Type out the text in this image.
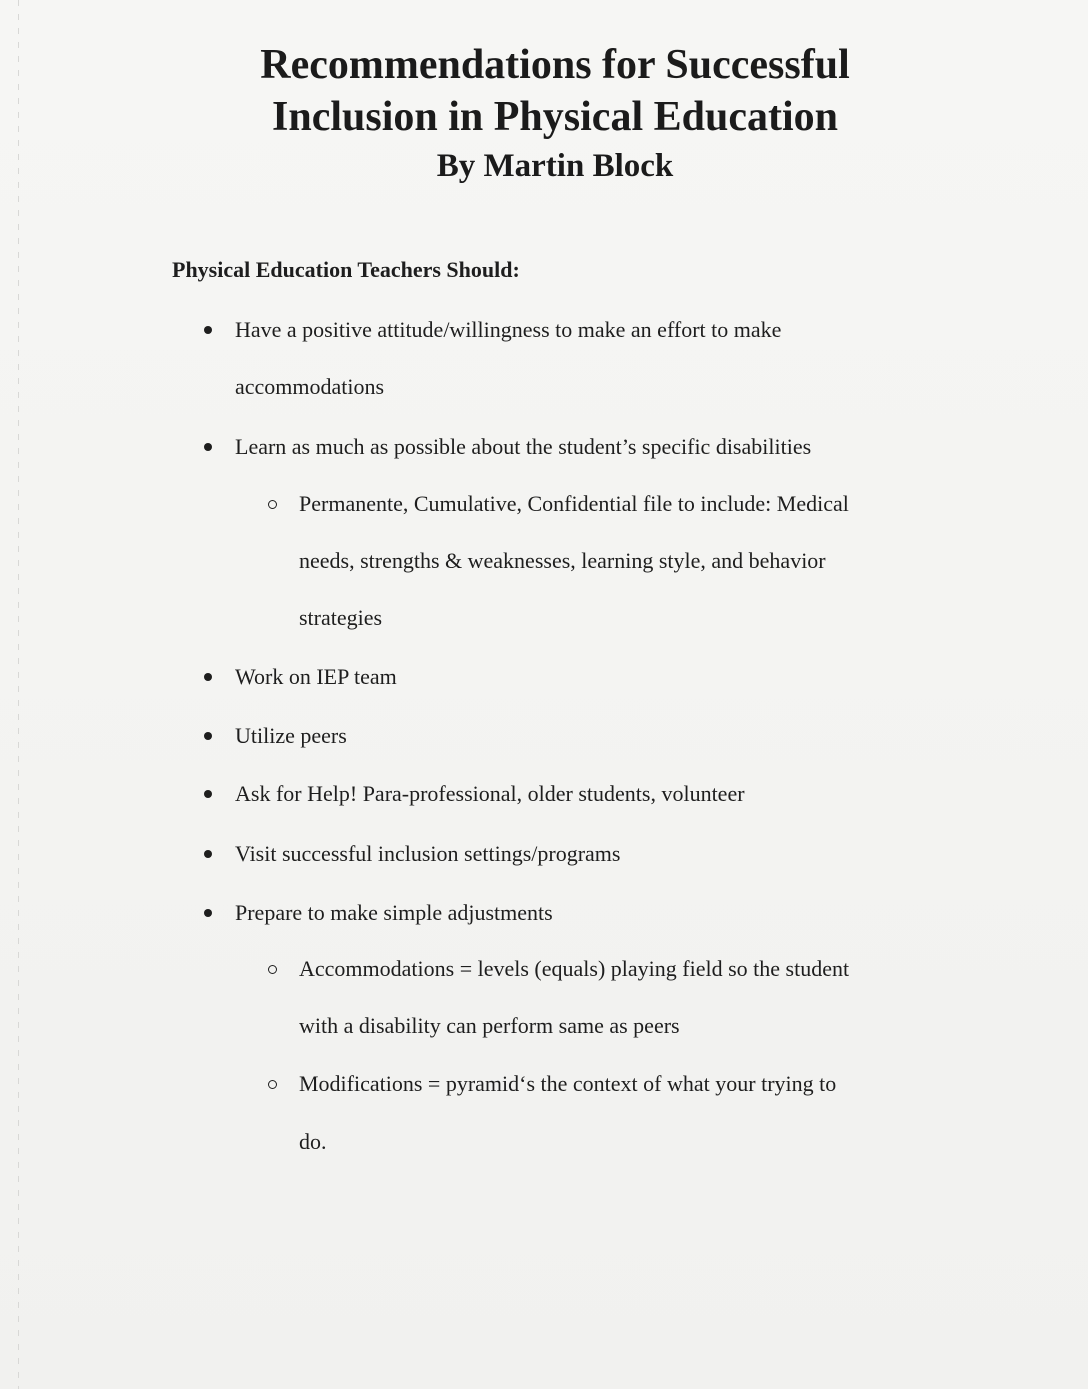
Recommendations for Successful
Inclusion in Physical Education
By Martin Block
Physical Education Teachers Should:
Have a positive attitude/willingness to make an effort to make
accommodations
Learn as much as possible about the student’s specific disabilities
Permanente, Cumulative, Confidential file to include: Medical
needs, strengths & weaknesses, learning style, and behavior
strategies
Work on IEP team
Utilize peers
Ask for Help! Para-professional, older students, volunteer
Visit successful inclusion settings/programs
Prepare to make simple adjustments
Accommodations = levels (equals) playing field so the student
with a disability can perform same as peers
Modifications = pyramid‘s the context of what your trying to
do.
